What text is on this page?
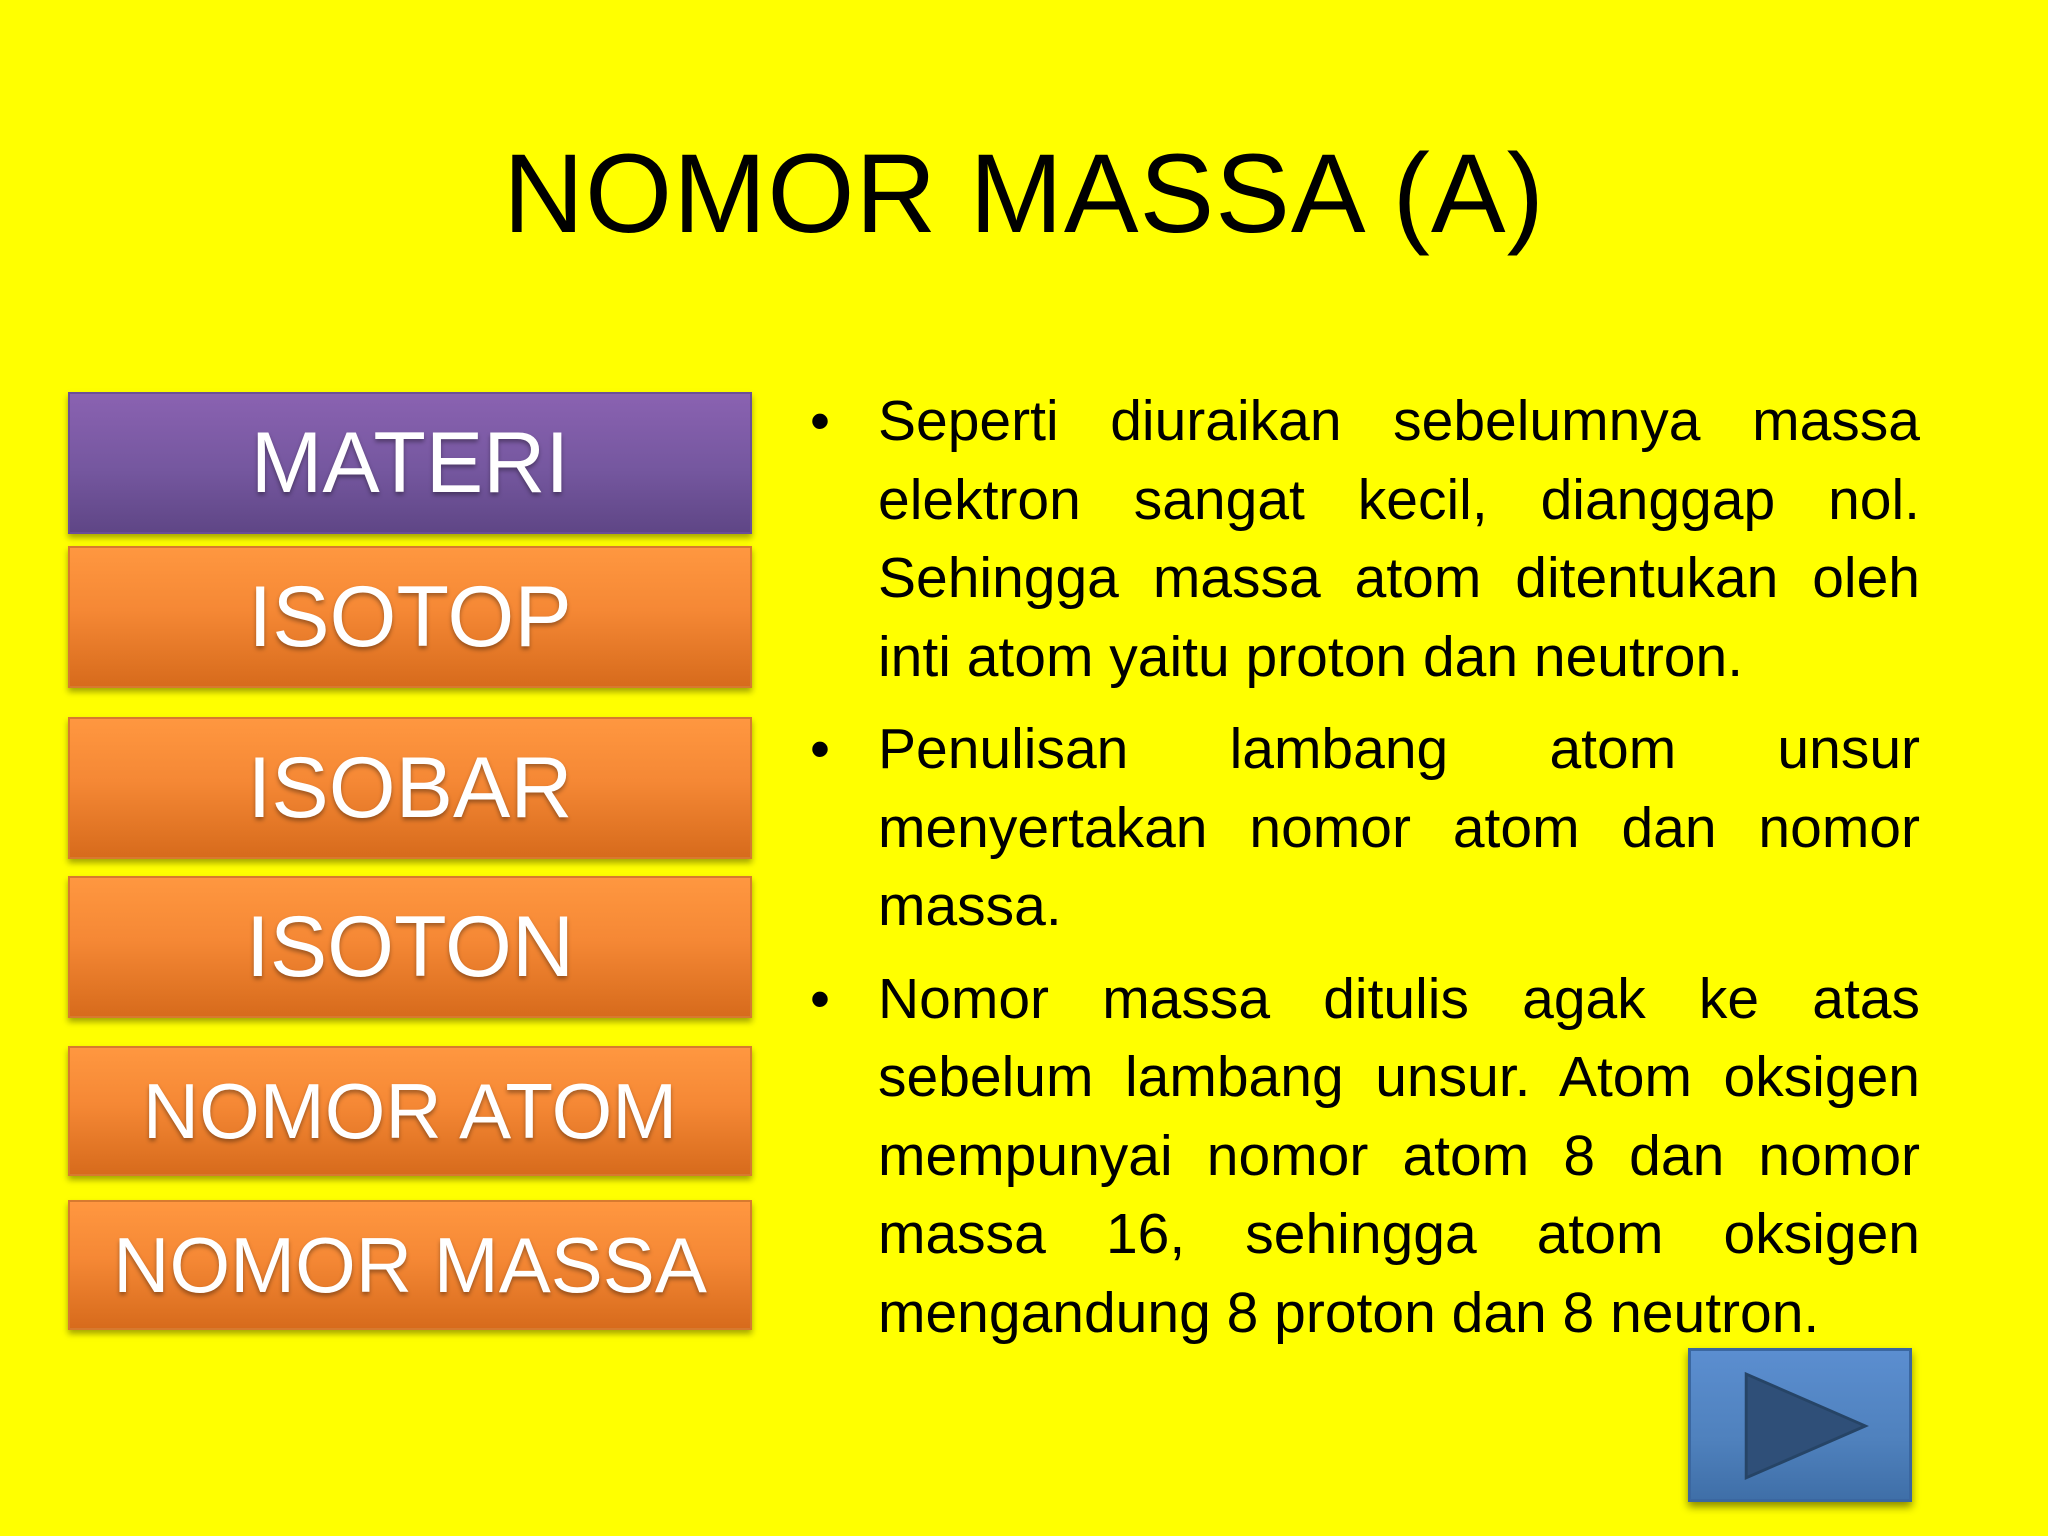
NOMOR MASSA (A)
MATERI
ISOTOP
ISOBAR
ISOTON
NOMOR ATOM
NOMOR MASSA
• Seperti diuraikan sebelumnya massa elektron sangat kecil, dianggap nol. Sehingga massa atom ditentukan oleh inti atom yaitu proton dan neutron.
• Penulisan lambang atom unsur menyertakan nomor atom dan nomor massa.
• Nomor massa ditulis agak ke atas sebelum lambang unsur. Atom oksigen mempunyai nomor atom 8 dan nomor massa 16, sehingga atom oksigen mengandung 8 proton dan 8 neutron.
